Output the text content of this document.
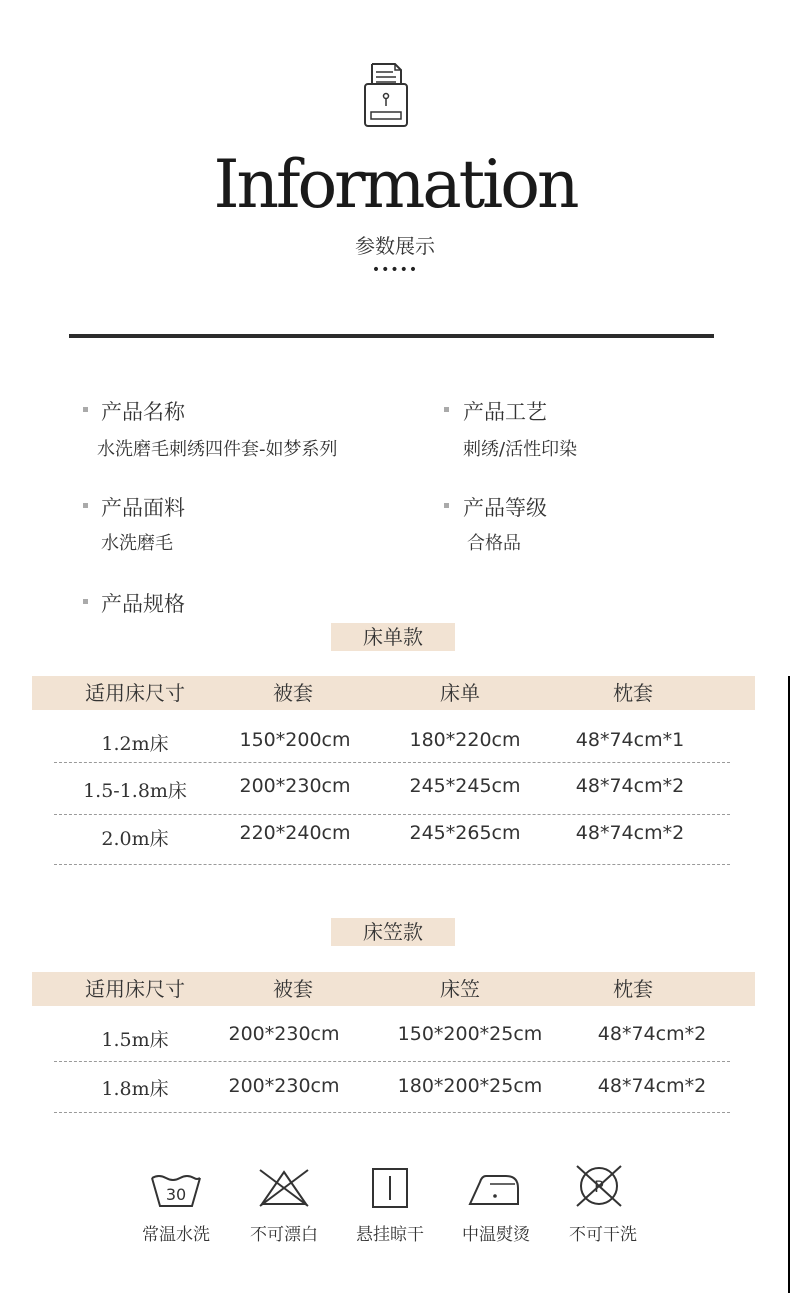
Information
参数展示
•••••
产品名称
水洗磨毛刺绣四件套-如梦系列
产品工艺
刺绣/活性印染
产品面料
水洗磨毛
产品等级
合格品
产品规格
床单款
适用床尺寸	被套	床单	枕套
1.2m床	150*200cm	180*220cm	48*74cm*1
1.5-1.8m床	200*230cm	245*245cm	48*74cm*2
2.0m床	220*240cm	245*265cm	48*74cm*2
床笠款
适用床尺寸	被套	床笠	枕套
1.5m床	200*230cm	150*200*25cm	48*74cm*2
1.8m床	200*230cm	180*200*25cm	48*74cm*2
30	P
常温水洗	不可漂白	悬挂晾干	中温熨烫	不可干洗
